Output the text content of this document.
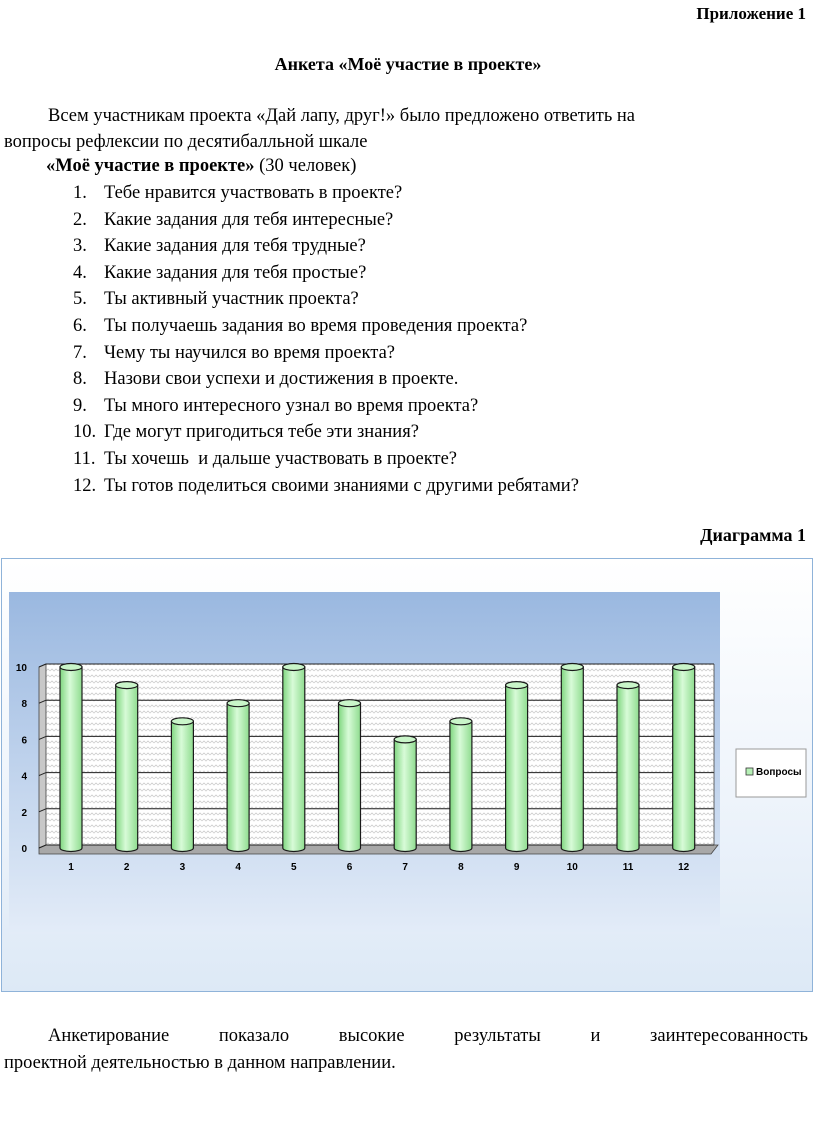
Приложение 1
Анкета «Моё участие в проекте»
Всем участникам проекта «Дай лапу, друг!» было предложено ответить на
вопросы рефлексии по десятибалльной шкале
«Моё участие в проекте» (30 человек)
1. Тебе нравится участвовать в проекте?
2. Какие задания для тебя интересные?
3. Какие задания для тебя трудные?
4. Какие задания для тебя простые?
5. Ты активный участник проекта?
6. Ты получаешь задания во время проведения проекта?
7. Чему ты научился во время проекта?
8. Назови свои успехи и достижения в проекте.
9. Ты много интересного узнал во время проекта?
10. Где могут пригодиться тебе эти знания?
11. Ты хочешь  и дальше участвовать в проекте?
12. Ты готов поделиться своими знаниями с другими ребятами?
Диаграмма 1
0
2
4
6
8
10
1	2	3	4	5	6	7	8	9	10	11	12
Вопросы
Анкетирование показало высокие результаты и заинтересованность
проектной деятельностью в данном направлении.
